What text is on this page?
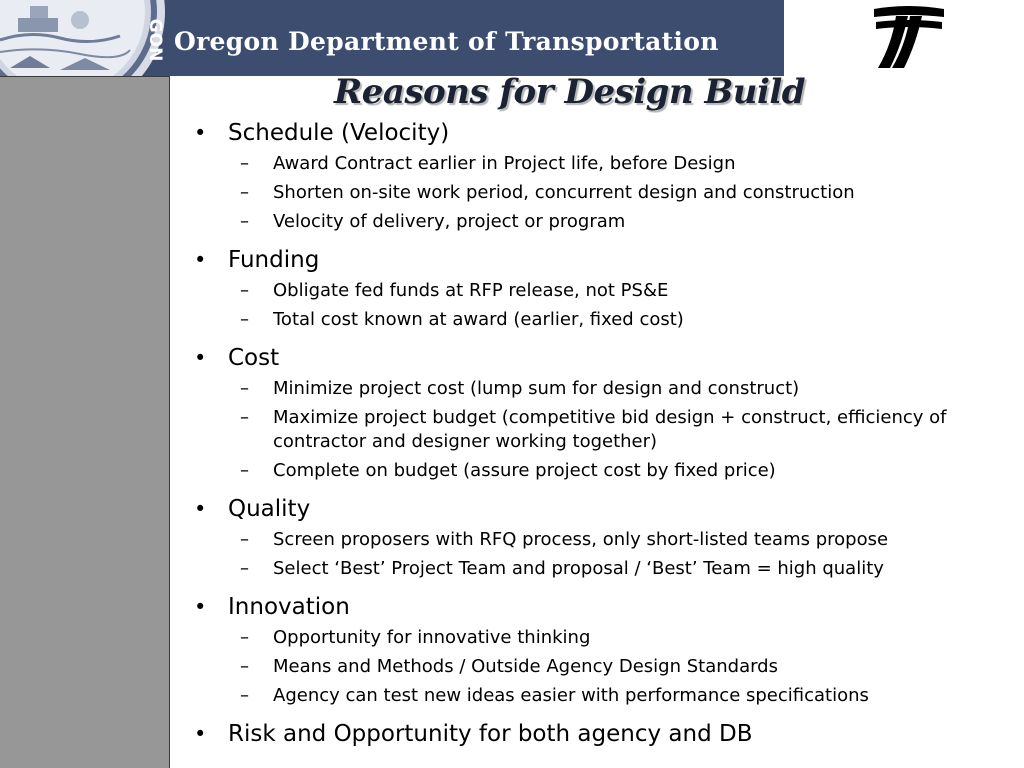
GON Oregon Department of Transportation
Reasons for Design Build
• Schedule (Velocity)
– Award Contract earlier in Project life, before Design
– Shorten on-site work period, concurrent design and construction
– Velocity of delivery, project or program
• Funding
– Obligate fed funds at RFP release, not PS&E
– Total cost known at award (earlier, fixed cost)
• Cost
– Minimize project cost (lump sum for design and construct)
– Maximize project budget (competitive bid design + construct, efficiency of contractor and designer working together)
– Complete on budget (assure project cost by fixed price)
• Quality
– Screen proposers with RFQ process, only short-listed teams propose
– Select ‘Best’ Project Team and proposal / ‘Best’ Team = high quality
• Innovation
– Opportunity for innovative thinking
– Means and Methods / Outside Agency Design Standards
– Agency can test new ideas easier with performance specifications
• Risk and Opportunity for both agency and DB
